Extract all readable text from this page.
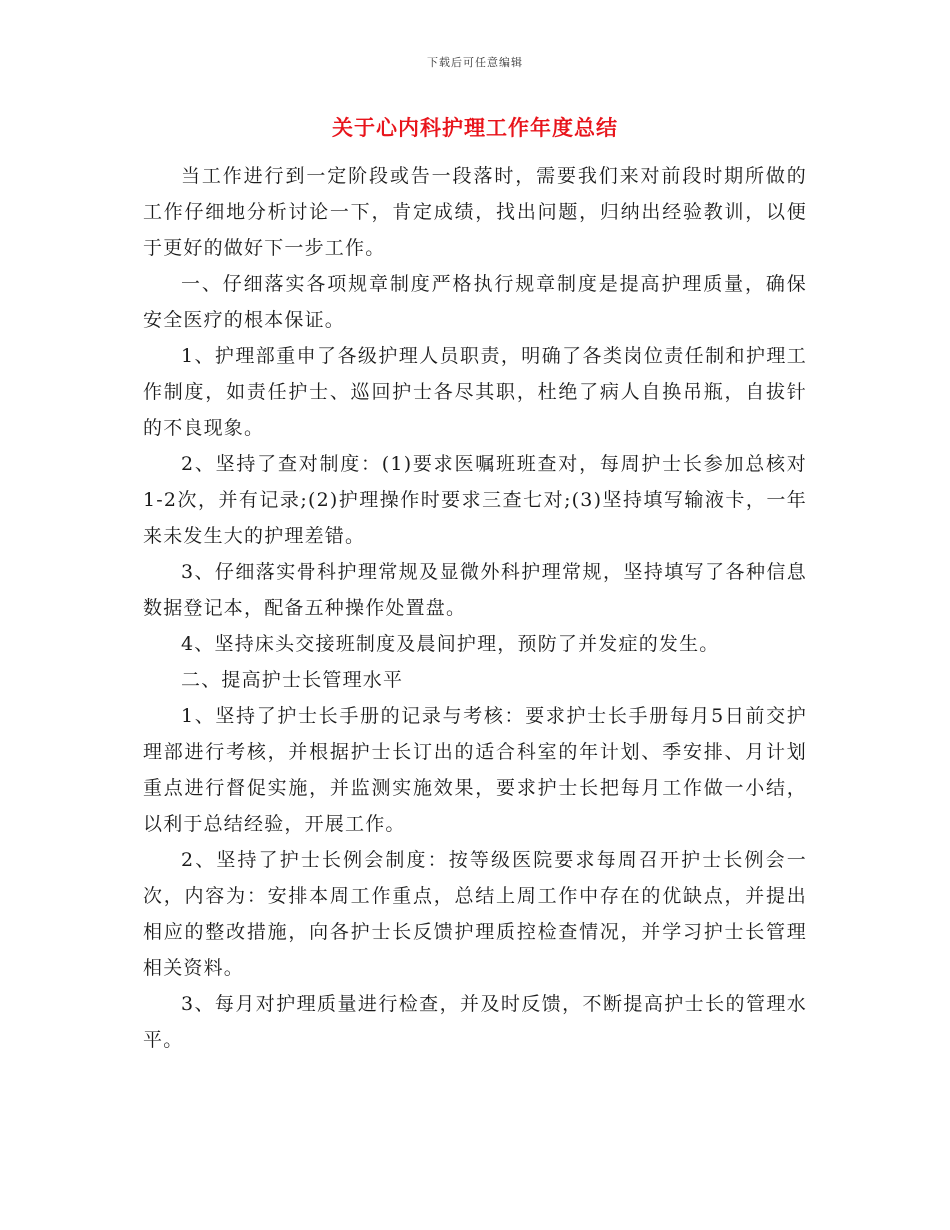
下载后可任意编辑
关于心内科护理工作年度总结

当工作进行到一定阶段或告一段落时，需要我们来对前段时期所做的工作仔细地分析讨论一下，肯定成绩，找出问题，归纳出经验教训，以便于更好的做好下一步工作。

一、仔细落实各项规章制度严格执行规章制度是提高护理质量，确保安全医疗的根本保证。

1、护理部重申了各级护理人员职责，明确了各类岗位责任制和护理工作制度，如责任护士、巡回护士各尽其职，杜绝了病人自换吊瓶，自拔针的不良现象。

2、坚持了查对制度：(1)要求医嘱班班查对，每周护士长参加总核对1-2次，并有记录;(2)护理操作时要求三查七对;(3)坚持填写输液卡，一年来未发生大的护理差错。

3、仔细落实骨科护理常规及显微外科护理常规，坚持填写了各种信息数据登记本，配备五种操作处置盘。

4、坚持床头交接班制度及晨间护理，预防了并发症的发生。

二、提高护士长管理水平

1、坚持了护士长手册的记录与考核：要求护士长手册每月5日前交护理部进行考核，并根据护士长订出的适合科室的年计划、季安排、月计划重点进行督促实施，并监测实施效果，要求护士长把每月工作做一小结，以利于总结经验，开展工作。

2、坚持了护士长例会制度：按等级医院要求每周召开护士长例会一次，内容为：安排本周工作重点，总结上周工作中存在的优缺点，并提出相应的整改措施，向各护士长反馈护理质控检查情况，并学习护士长管理相关资料。

3、每月对护理质量进行检查，并及时反馈，不断提高护士长的管理水平。
